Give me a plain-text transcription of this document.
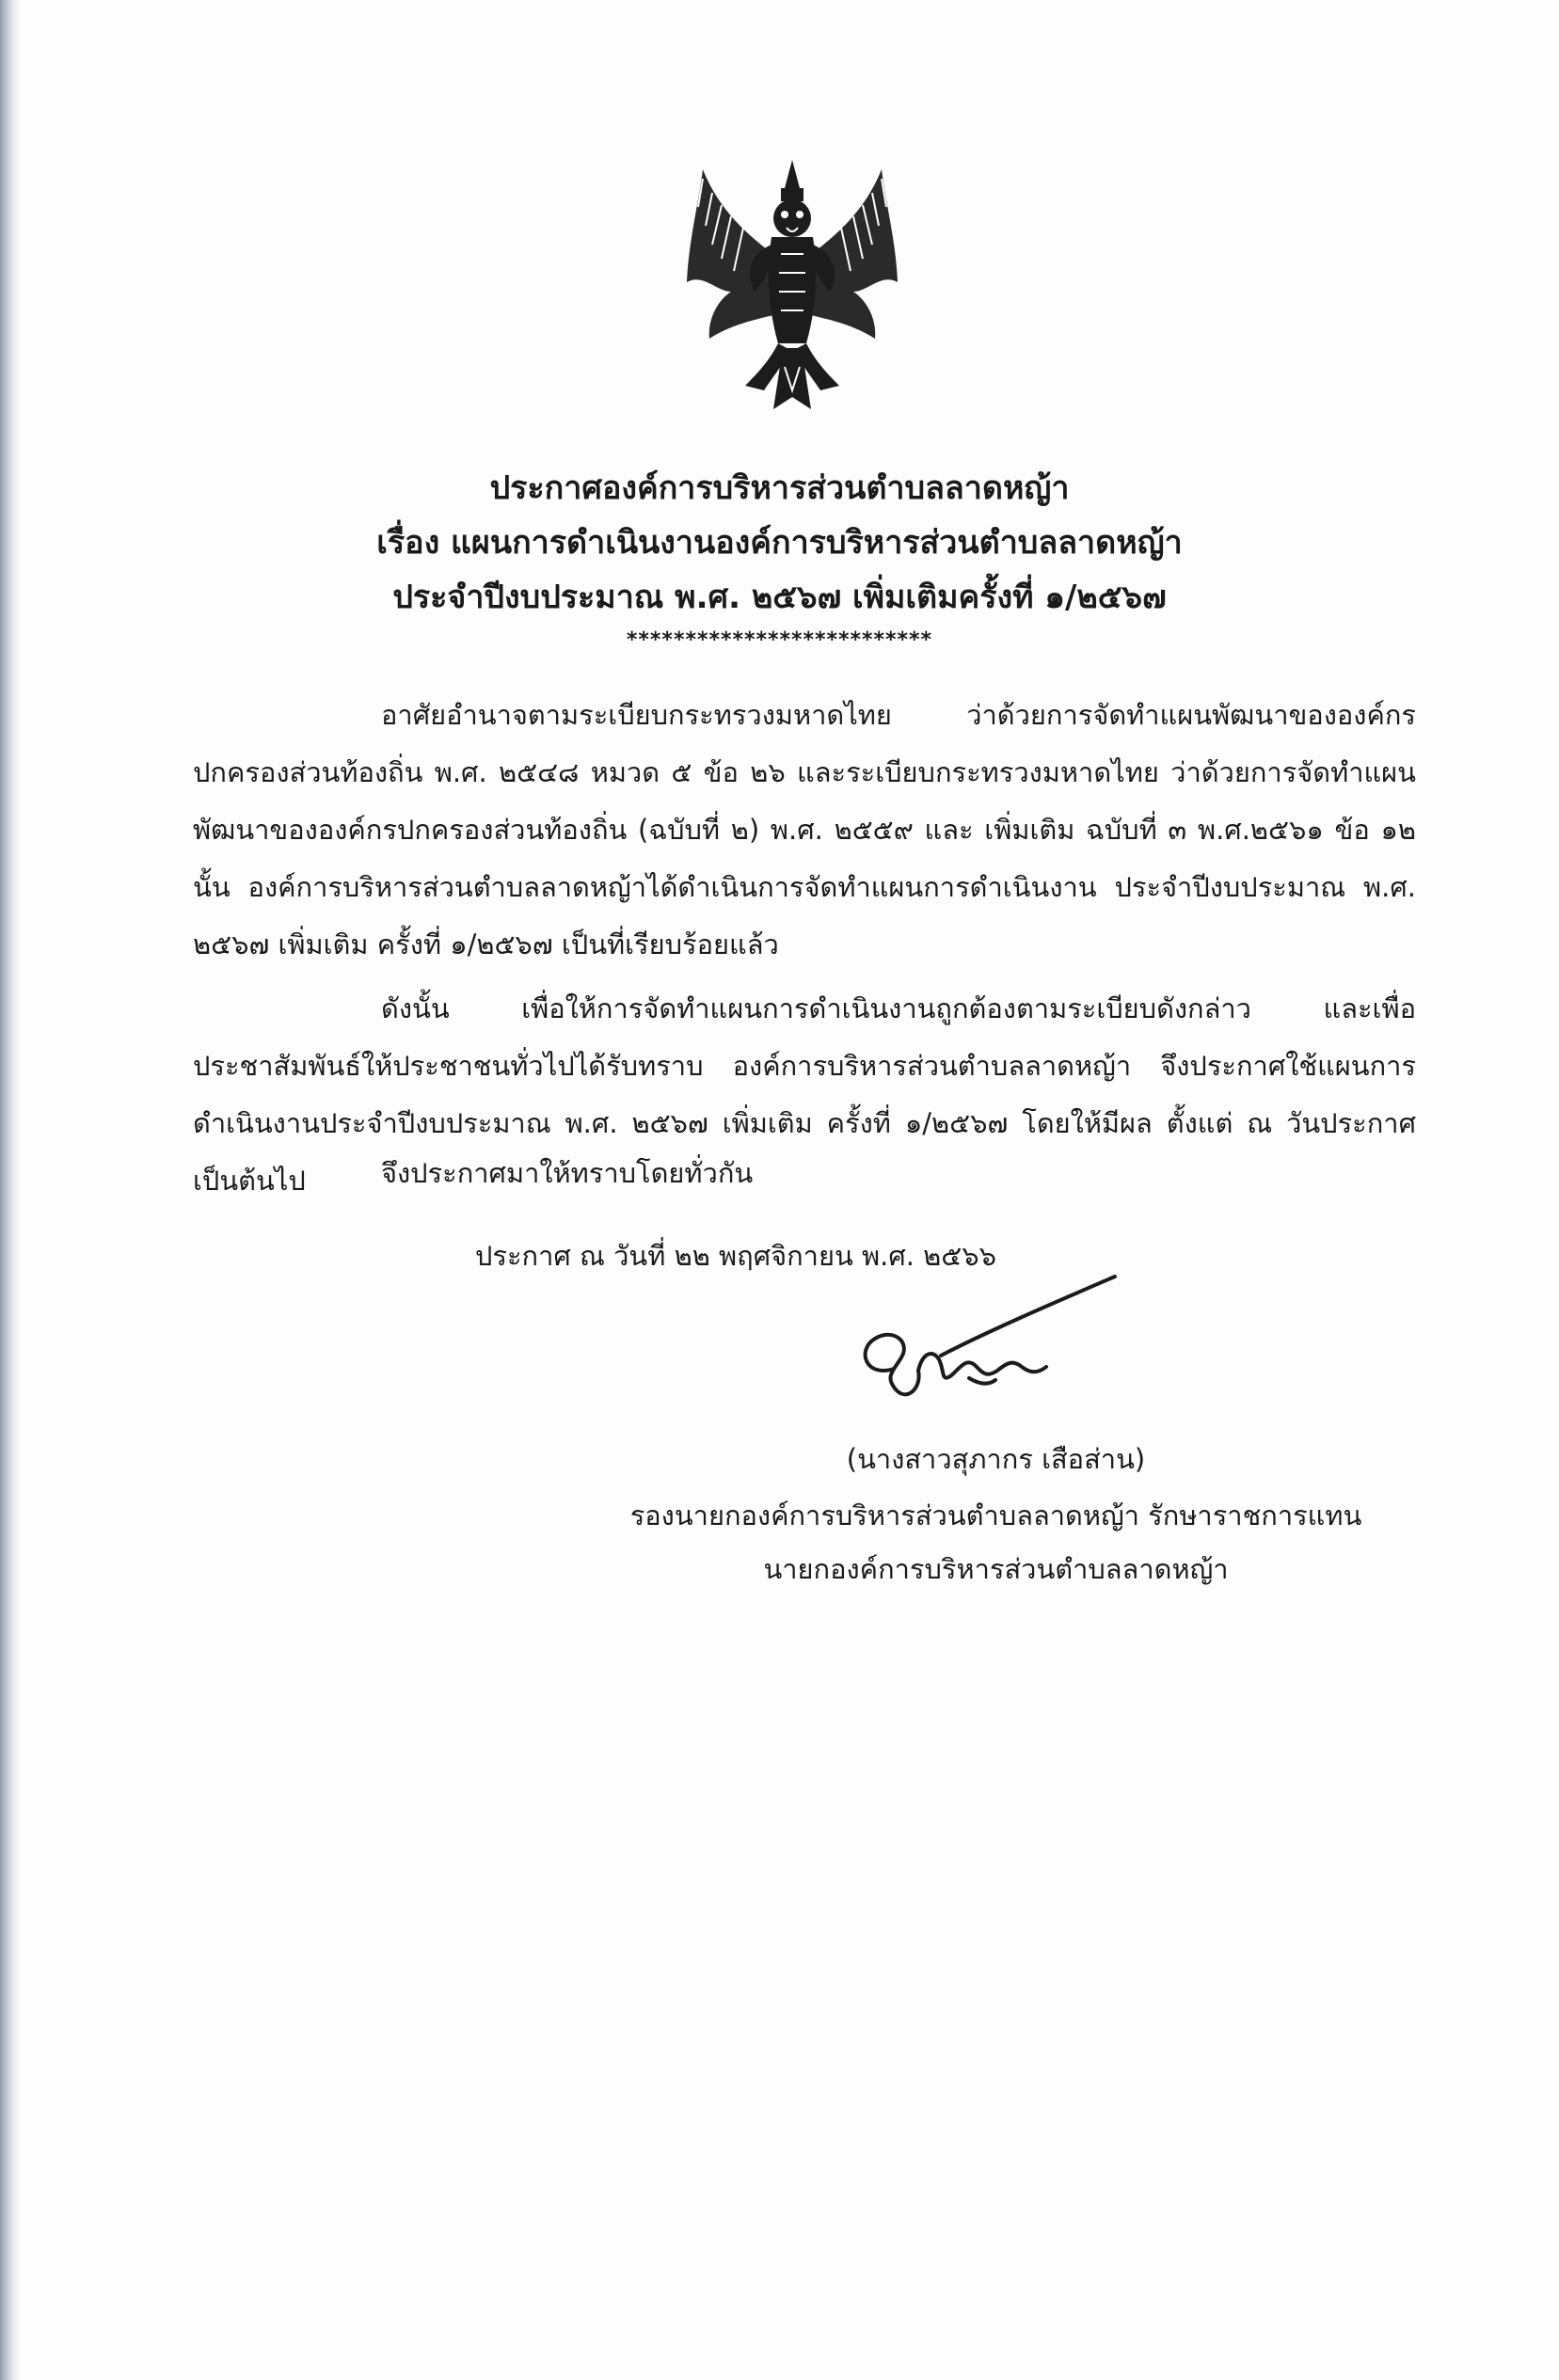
ประกาศองค์การบริหารส่วนตำบลลาดหญ้า
เรื่อง แผนการดำเนินงานองค์การบริหารส่วนตำบลลาดหญ้า
ประจำปีงบประมาณ พ.ศ. ๒๕๖๗ เพิ่มเติมครั้งที่ ๑/๒๕๖๗
**************************

อาศัยอำนาจตามระเบียบกระทรวงมหาดไทย ว่าด้วยการจัดทำแผนพัฒนาขององค์กรปกครองส่วนท้องถิ่น พ.ศ. ๒๕๔๘ หมวด ๕ ข้อ ๒๖ และระเบียบกระทรวงมหาดไทย ว่าด้วยการจัดทำแผนพัฒนาขององค์กรปกครองส่วนท้องถิ่น (ฉบับที่ ๒) พ.ศ. ๒๕๕๙ และ เพิ่มเติม ฉบับที่ ๓ พ.ศ.๒๕๖๑ ข้อ ๑๒ นั้น องค์การบริหารส่วนตำบลลาดหญ้าได้ดำเนินการจัดทำแผนการดำเนินงาน ประจำปีงบประมาณ พ.ศ. ๒๕๖๗ เพิ่มเติม ครั้งที่ ๑/๒๕๖๗ เป็นที่เรียบร้อยแล้ว

ดังนั้น เพื่อให้การจัดทำแผนการดำเนินงานถูกต้องตามระเบียบดังกล่าว และเพื่อประชาสัมพันธ์ให้ประชาชนทั่วไปได้รับทราบ องค์การบริหารส่วนตำบลลาดหญ้า จึงประกาศใช้แผนการดำเนินงานประจำปีงบประมาณ พ.ศ. ๒๕๖๗ เพิ่มเติม ครั้งที่ ๑/๒๕๖๗ โดยให้มีผล ตั้งแต่ ณ วันประกาศ เป็นต้นไป	จึงประกาศมาให้ทราบโดยทั่วกัน
ประกาศ ณ วันที่ ๒๒ พฤศจิกายน พ.ศ. ๒๕๖๖
(นางสาวสุภากร เสือส่าน)
รองนายกองค์การบริหารส่วนตำบลลาดหญ้า รักษาราชการแทน
นายกองค์การบริหารส่วนตำบลลาดหญ้า
